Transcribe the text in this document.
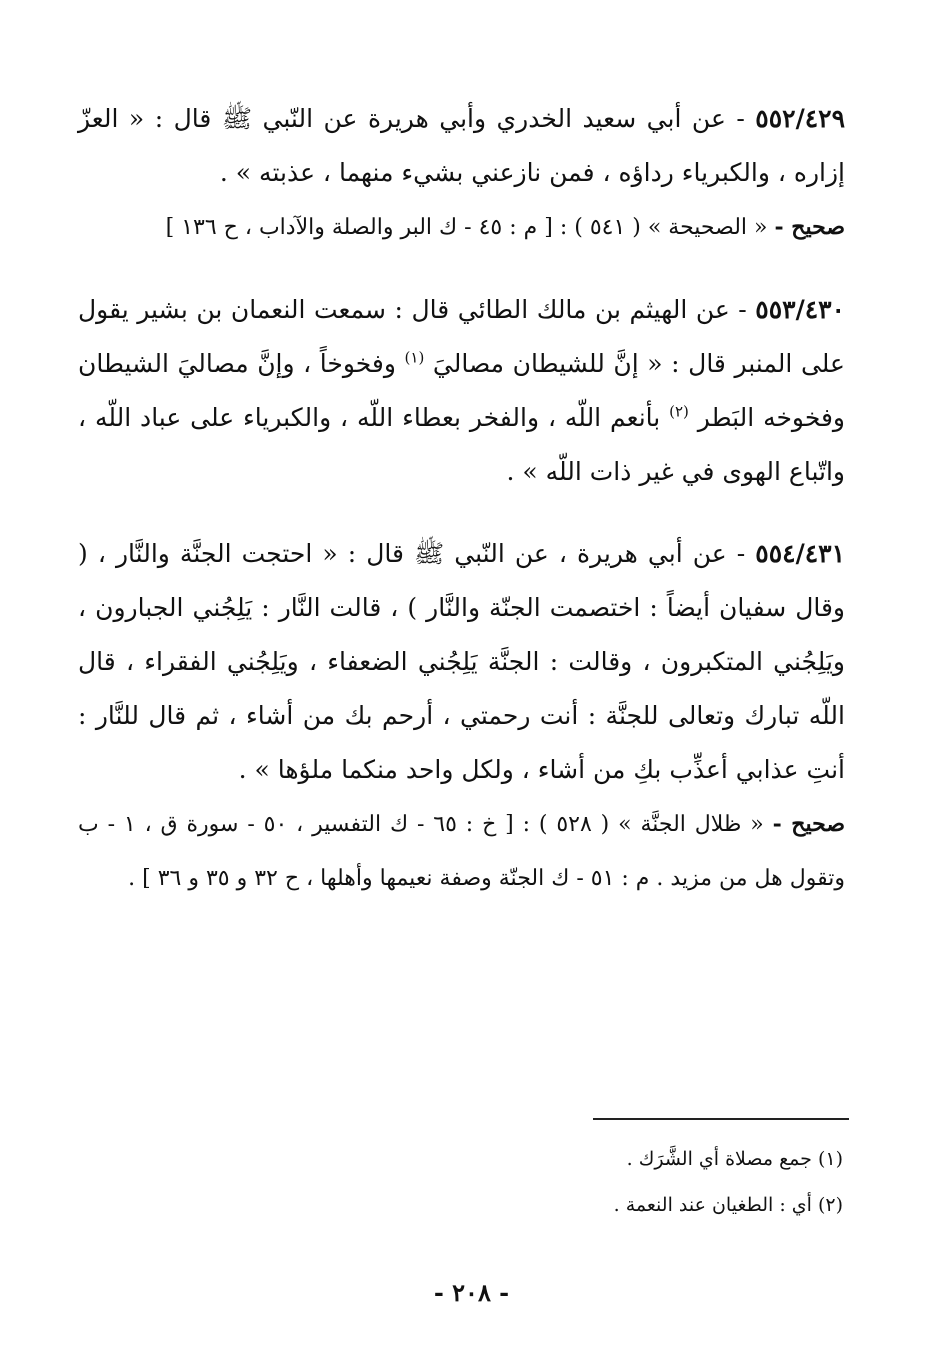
٥٥٢/٤٢٩ - عن أبي سعيد الخدري وأبي هريرة عن النّبي ﷺ قال : « العزّ إزاره ، والكبرياء رداؤه ، فمن نازعني بشيء منهما ، عذبته » .

صحيح - « الصحيحة » ( ٥٤١ ) : [ م : ٤٥ - ك البر والصلة والآداب ، ح ١٣٦ ]

٥٥٣/٤٣٠ - عن الهيثم بن مالك الطائي قال : سمعت النعمان بن بشير يقول على المنبر قال : « إنَّ للشيطان مصاليَ $^{(١)}$ وفخوخاً ، وإنَّ مصاليَ الشيطان وفخوخه البَطر $^{(٢)}$ بأنعم اللّه ، والفخر بعطاء اللّه ، والكبرياء على عباد اللّه ، واتّباع الهوى في غير ذات اللّه » .

٥٥٤/٤٣١ - عن أبي هريرة ، عن النّبي ﷺ قال : « احتجت الجنَّة والنَّار ، ( وقال سفيان أيضاً : اختصمت الجنّة والنَّار ) ، قالت النَّار : يَلِجُني الجبارون ، ويَلِجُني المتكبرون ، وقالت : الجنَّة يَلِجُني الضعفاء ، ويَلِجُني الفقراء ، قال اللّه تبارك وتعالى للجنَّة : أنت رحمتي ، أرحم بك من أشاء ، ثم قال للنَّار : أنتِ عذابي أعذِّب بكِ من أشاء ، ولكل واحد منكما ملؤها » .

صحيح - « ظلال الجنَّة » ( ٥٢٨ ) : [ خ : ٦٥ - ك التفسير ، ٥٠ - سورة ق ، ١ - ب وتقول هل من مزيد . م : ٥١ - ك الجنّة وصفة نعيمها وأهلها ، ح ٣٢ و ٣٥ و ٣٦ ] .

(١) جمع مصلاة أي الشَّرَك .

(٢) أي : الطغيان عند النعمة .

- ٢٠٨ -
